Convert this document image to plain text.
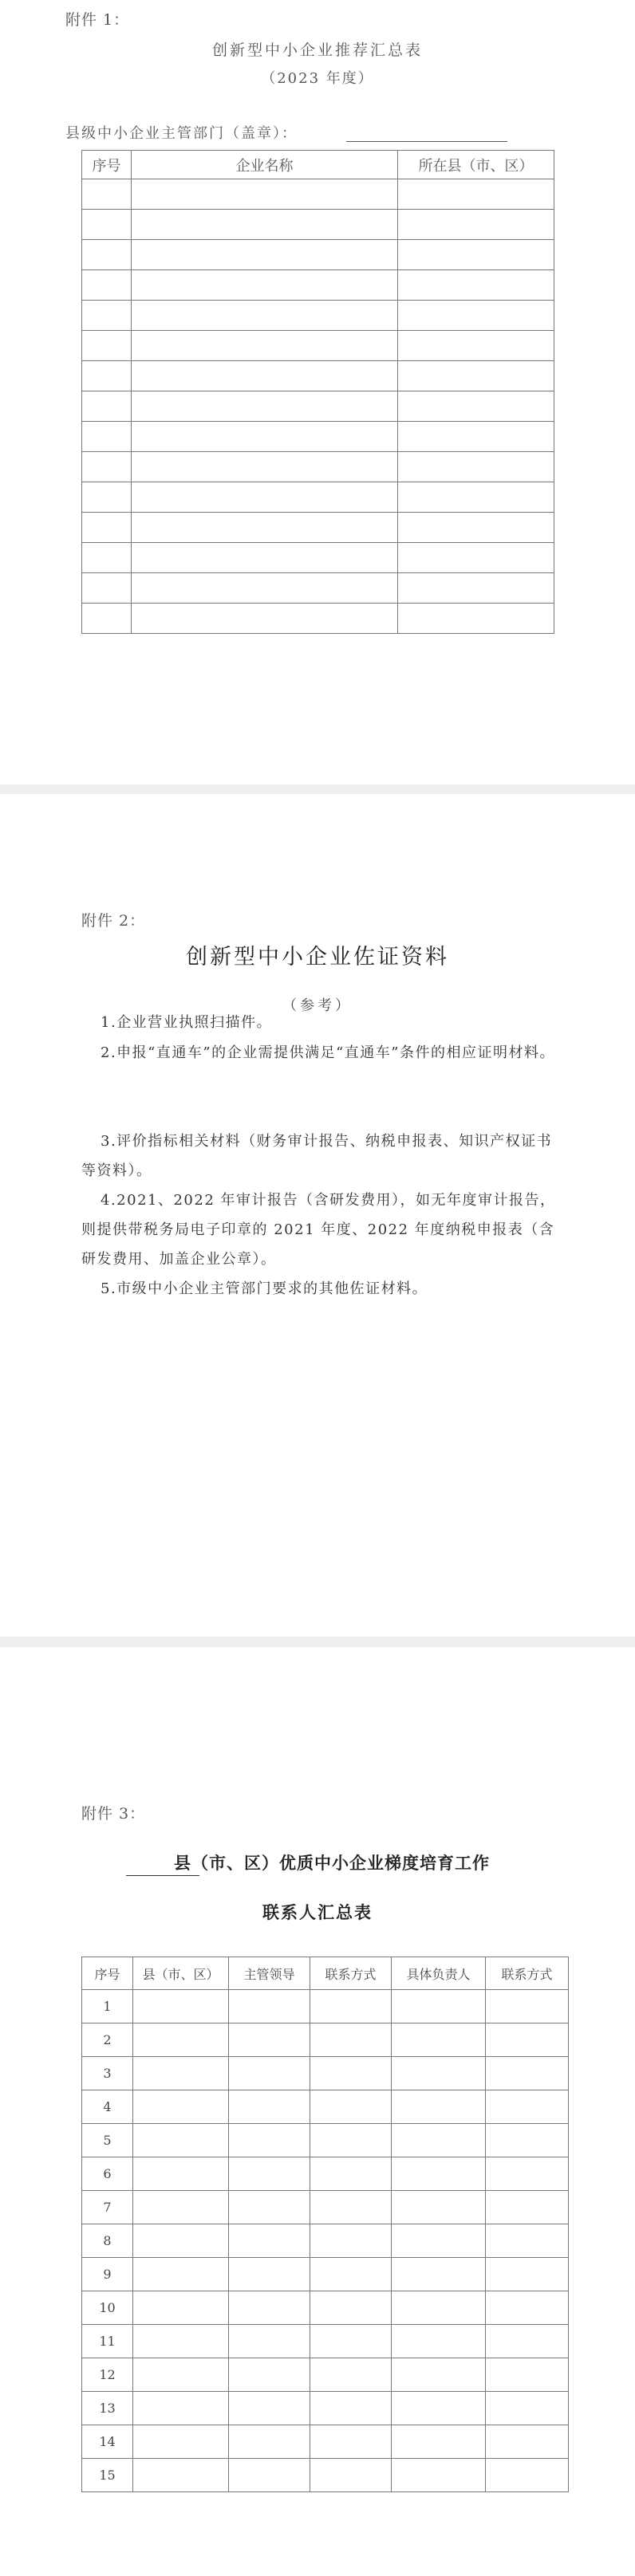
附件 1：
创新型中小企业推荐汇总表
（2023 年度）
县级中小企业主管部门（盖章）：
序号	企业名称	所在县（市、区）

附件 2：
创新型中小企业佐证资料
（参考）

1.企业营业执照扫描件。

2.申报“直通车”的企业需提供满足“直通车”条件的相应证明材料。

3.评价指标相关材料（财务审计报告、纳税申报表、知识产权证书等资料）。

4.2021、2022 年审计报告（含研发费用），如无年度审计报告，则提供带税务局电子印章的 2021 年度、2022 年度纳税申报表（含研发费用、加盖企业公章）。

5.市级中小企业主管部门要求的其他佐证材料。

附件 3：
县（市、区）优质中小企业梯度培育工作
联系人汇总表
序号	县（市、区）	主管领导	联系方式	具体负责人	联系方式
1					
2					
3					
4					
5					
6					
7					
8					
9					
10					
11					
12					
13					
14					
15					
